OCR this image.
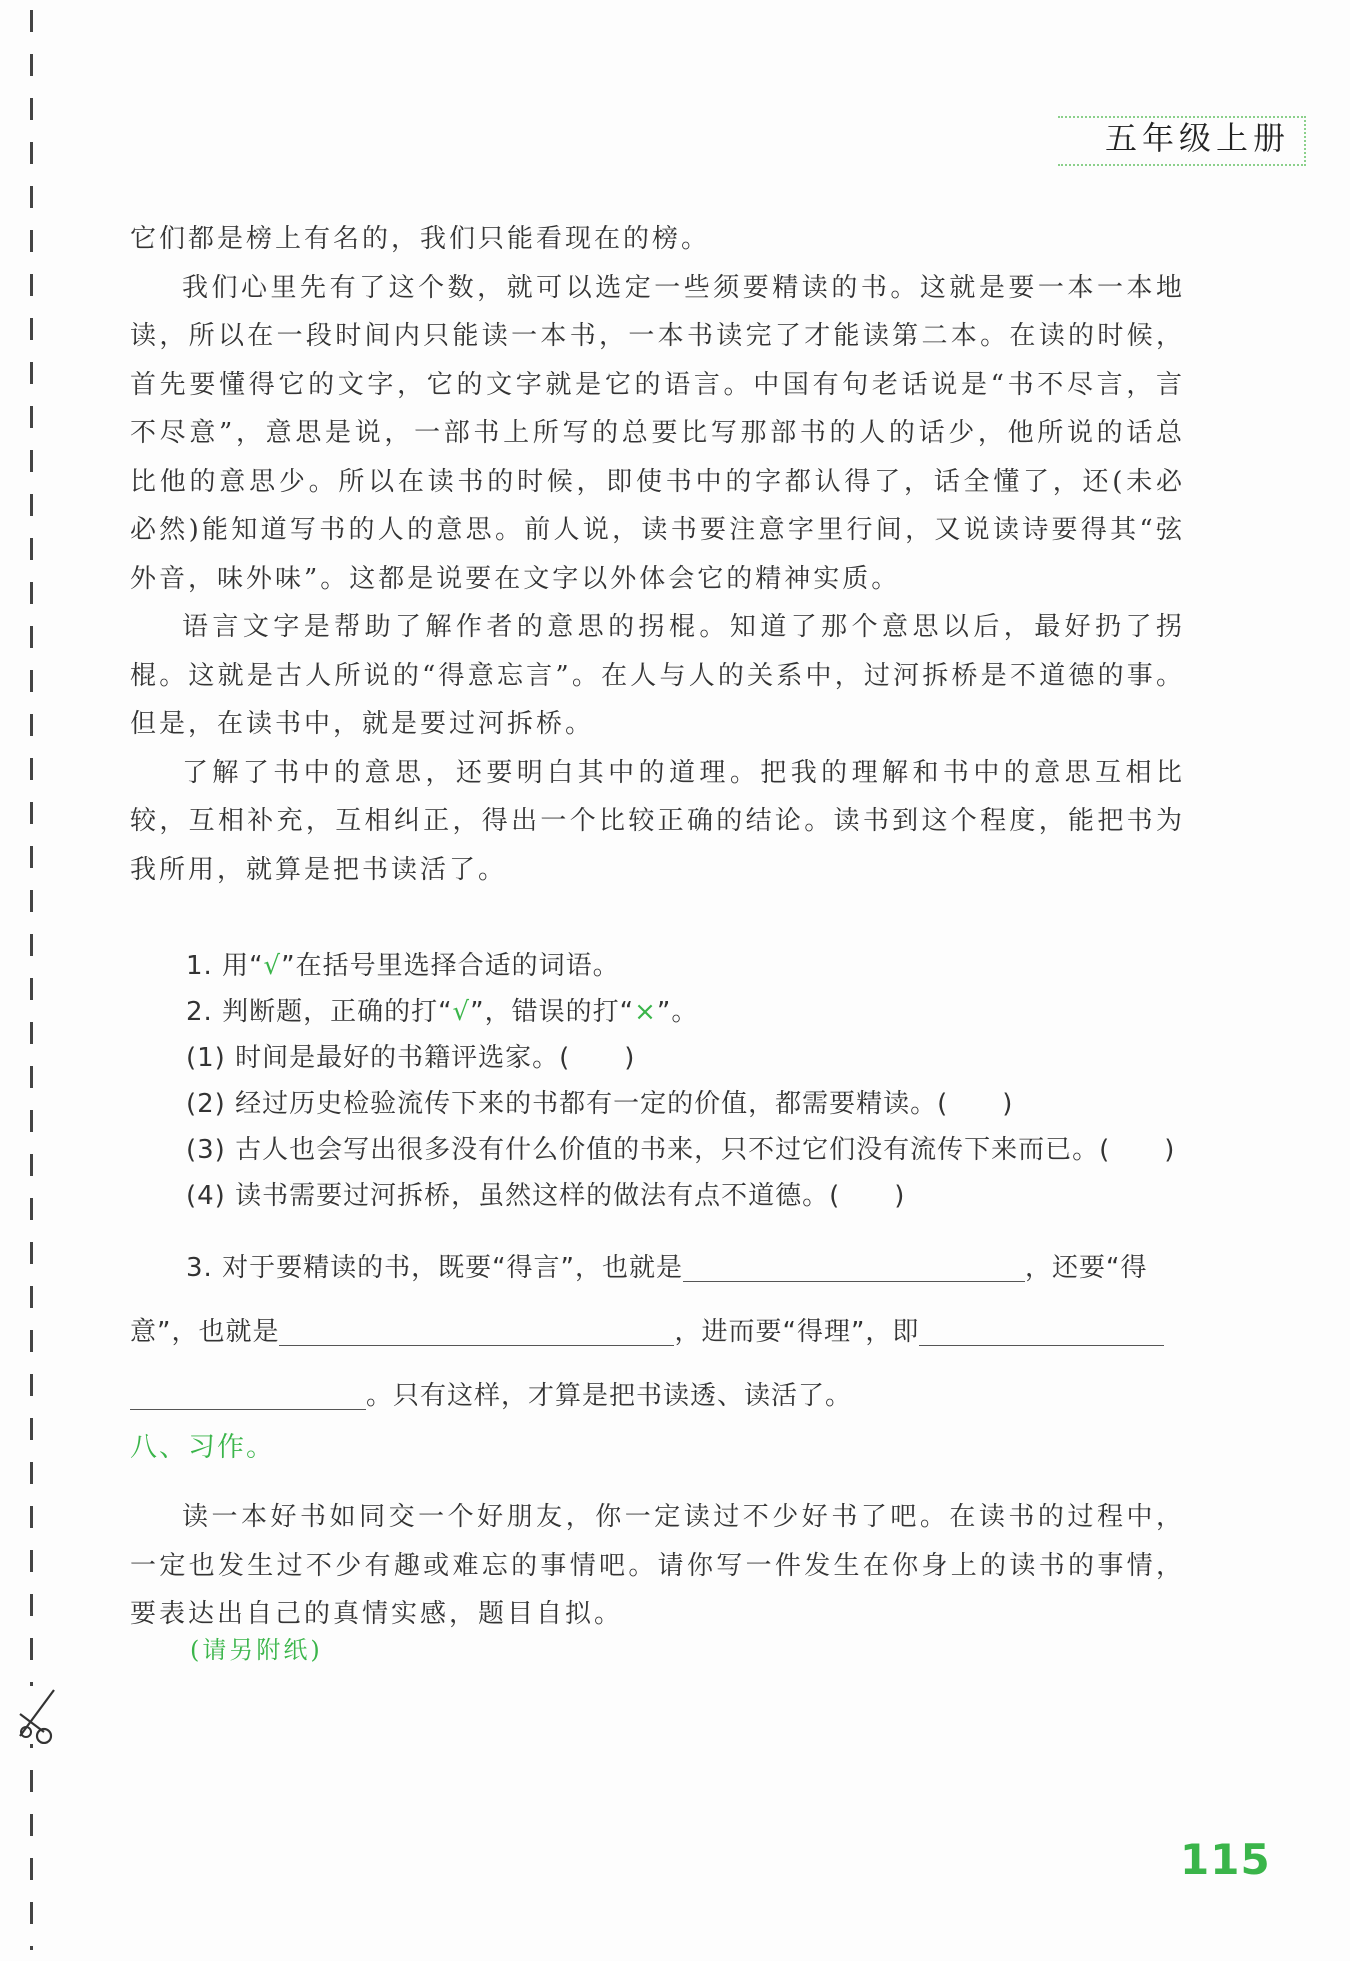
五年级上册

它们都是榜上有名的，我们只能看现在的榜。

我们心里先有了这个数，就可以选定一些须要精读的书。这就是要一本一本地读，所以在一段时间内只能读一本书，一本书读完了才能读第二本。在读的时候，首先要懂得它的文字，它的文字就是它的语言。中国有句老话说是“书不尽言，言不尽意”，意思是说，一部书上所写的总要比写那部书的人的话少，他所说的话总比他的意思少。所以在读书的时候，即使书中的字都认得了，话全懂了，还(未必必然)能知道写书的人的意思。前人说，读书要注意字里行间，又说读诗要得其“弦外音，味外味”。这都是说要在文字以外体会它的精神实质。

语言文字是帮助了解作者的意思的拐棍。知道了那个意思以后，最好扔了拐棍。这就是古人所说的“得意忘言”。在人与人的关系中，过河拆桥是不道德的事。但是，在读书中，就是要过河拆桥。

了解了书中的意思，还要明白其中的道理。把我的理解和书中的意思互相比较，互相补充，互相纠正，得出一个比较正确的结论。读书到这个程度，能把书为我所用，就算是把书读活了。

1. 用“√”在括号里选择合适的词语。
2. 判断题，正确的打“√”，错误的打“×”。
(1) 时间是最好的书籍评选家。(　　)
(2) 经过历史检验流传下来的书都有一定的价值，都需要精读。(　　)
(3) 古人也会写出很多没有什么价值的书来，只不过它们没有流传下来而已。(　　)
(4) 读书需要过河拆桥，虽然这样的做法有点不道德。(　　)
3. 对于要精读的书，既要“得言”，也就是	，还要“得
意”，也就是	，进而要“得理”，即
。只有这样，才算是把书读透、读活了。
八、习作。

读一本好书如同交一个好朋友，你一定读过不少好书了吧。在读书的过程中，一定也发生过不少有趣或难忘的事情吧。请你写一件发生在你身上的读书的事情，要表达出自己的真情实感，题目自拟。

(请另附纸)
115
